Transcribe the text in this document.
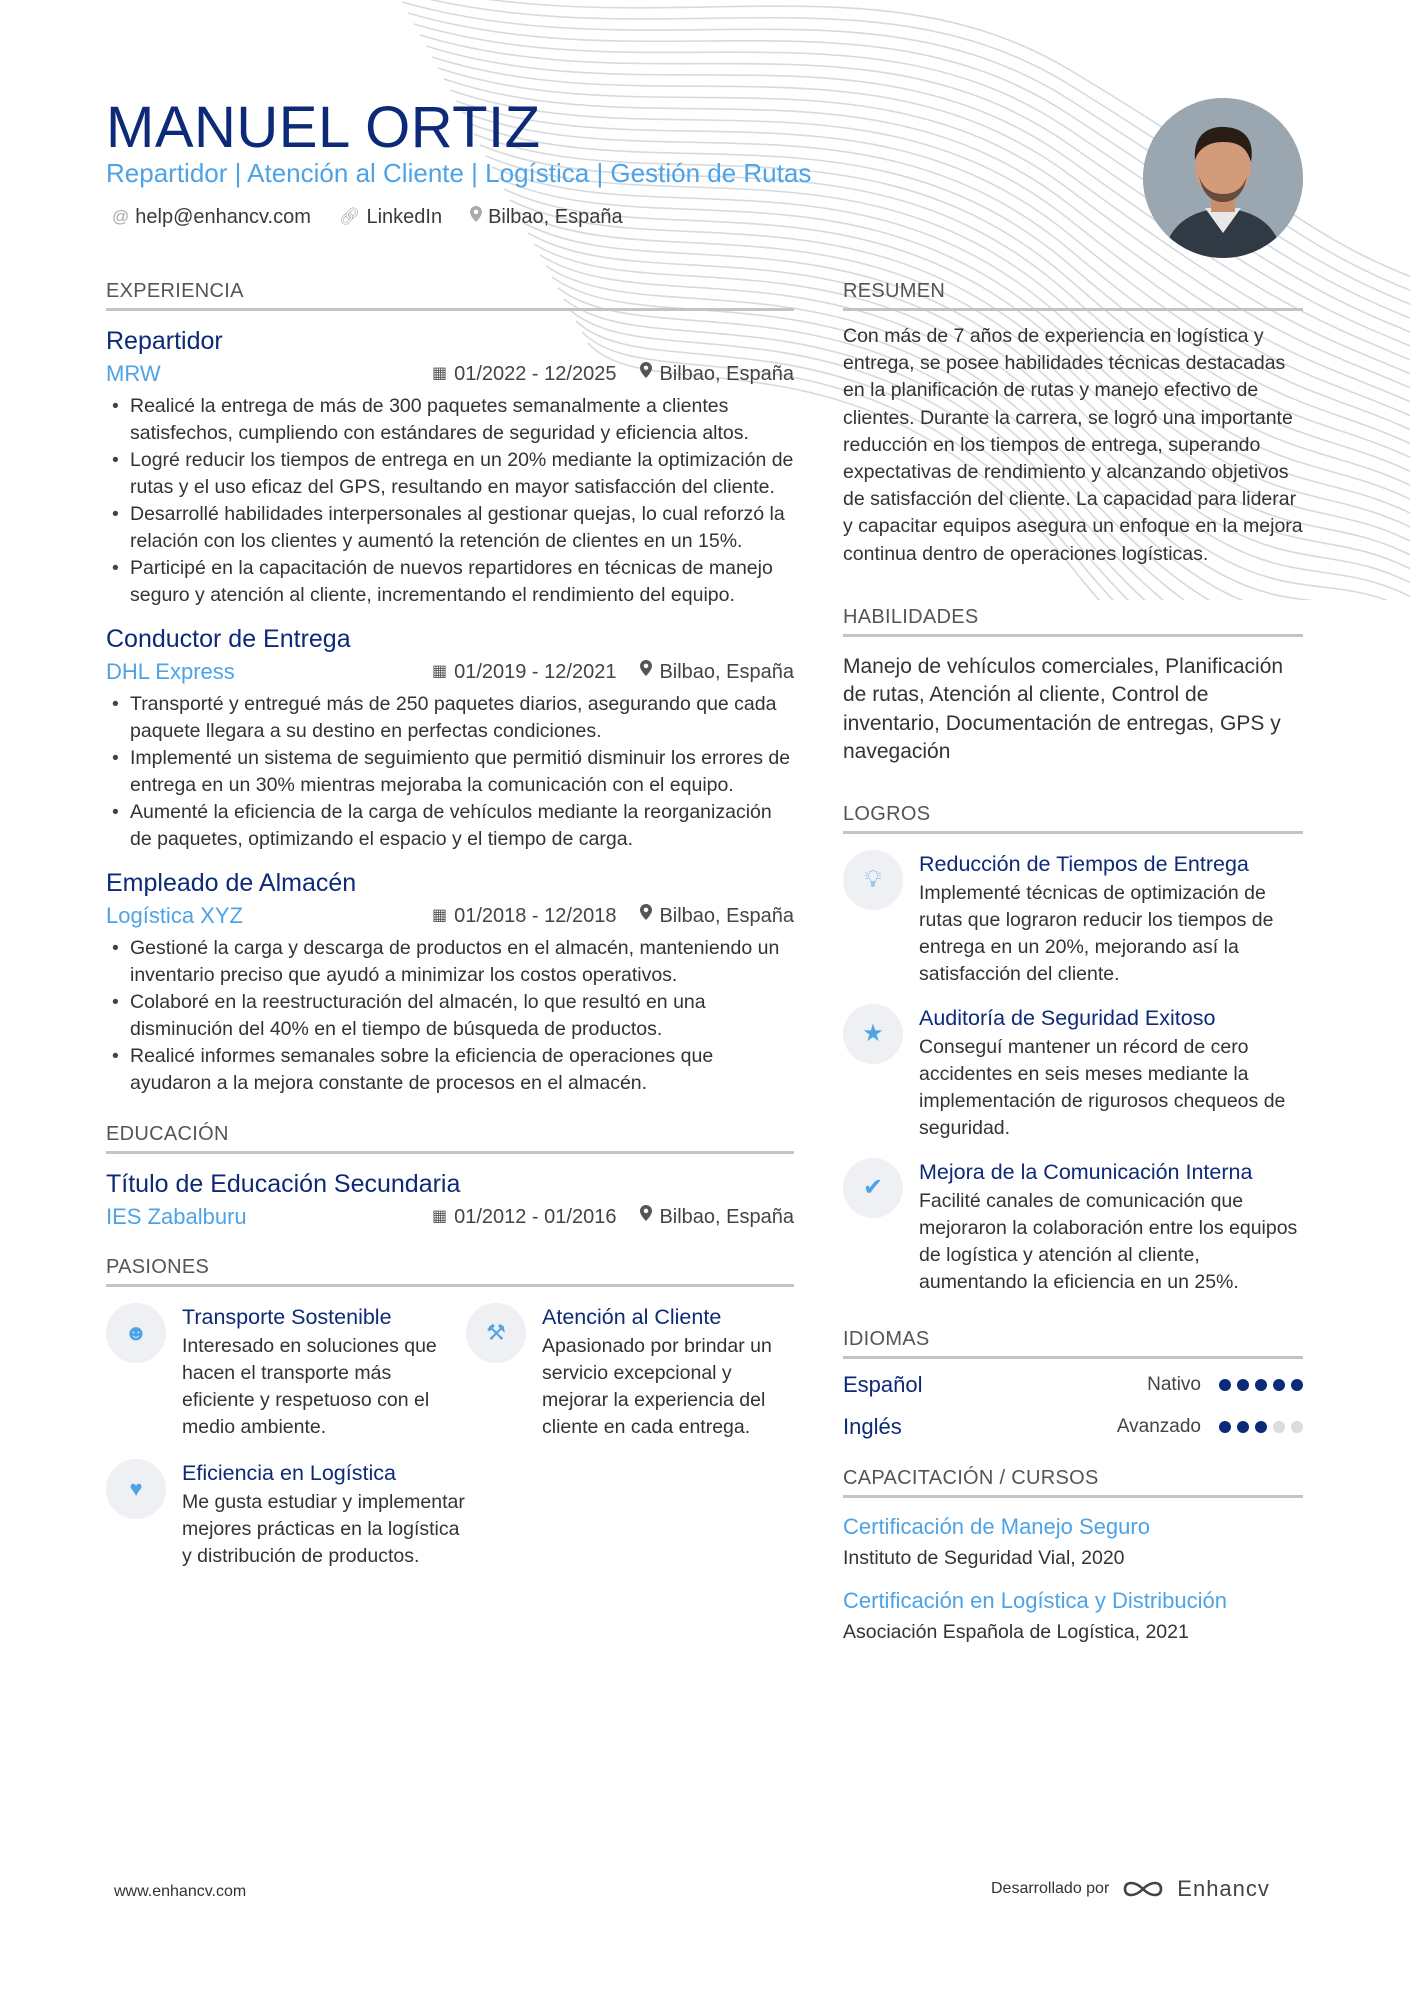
MANUEL ORTIZ
Repartidor | Atención al Cliente | Logística | Gestión de Rutas
@ help@enhancv.com 🔗︎ LinkedIn Bilbao, España
EXPERIENCIA
Repartidor
MRW	▦ 01/2022 - 12/2025 Bilbao, España
• Realicé la entrega de más de 300 paquetes semanalmente a clientes satisfechos, cumpliendo con estándares de seguridad y eficiencia altos.
• Logré reducir los tiempos de entrega en un 20% mediante la optimización de rutas y el uso eficaz del GPS, resultando en mayor satisfacción del cliente.
• Desarrollé habilidades interpersonales al gestionar quejas, lo cual reforzó la relación con los clientes y aumentó la retención de clientes en un 15%.
• Participé en la capacitación de nuevos repartidores en técnicas de manejo seguro y atención al cliente, incrementando el rendimiento del equipo.
Conductor de Entrega
DHL Express	▦ 01/2019 - 12/2021 Bilbao, España
• Transporté y entregué más de 250 paquetes diarios, asegurando que cada paquete llegara a su destino en perfectas condiciones.
• Implementé un sistema de seguimiento que permitió disminuir los errores de entrega en un 30% mientras mejoraba la comunicación con el equipo.
• Aumenté la eficiencia de la carga de vehículos mediante la reorganización de paquetes, optimizando el espacio y el tiempo de carga.
Empleado de Almacén
Logística XYZ	▦ 01/2018 - 12/2018 Bilbao, España
• Gestioné la carga y descarga de productos en el almacén, manteniendo un inventario preciso que ayudó a minimizar los costos operativos.
• Colaboré en la reestructuración del almacén, lo que resultó en una disminución del 40% en el tiempo de búsqueda de productos.
• Realicé informes semanales sobre la eficiencia de operaciones que ayudaron a la mejora constante de procesos en el almacén.
EDUCACIÓN
Título de Educación Secundaria
IES Zabalburu	▦ 01/2012 - 01/2016 Bilbao, España
PASIONES
☻
Transporte Sostenible
Interesado en soluciones que hacen el transporte más eficiente y respetuoso con el medio ambiente.
⚒
Atención al Cliente
Apasionado por brindar un servicio excepcional y mejorar la experiencia del cliente en cada entrega.
♥
Eficiencia en Logística
Me gusta estudiar y implementar mejores prácticas en la logística y distribución de productos.
RESUMEN
Con más de 7 años de experiencia en logística y entrega, se posee habilidades técnicas destacadas en la planificación de rutas y manejo efectivo de clientes. Durante la carrera, se logró una importante reducción en los tiempos de entrega, superando expectativas de rendimiento y alcanzando objetivos de satisfacción del cliente. La capacidad para liderar y capacitar equipos asegura un enfoque en la mejora continua dentro de operaciones logísticas.
HABILIDADES
Manejo de vehículos comerciales, Planificación de rutas, Atención al cliente, Control de inventario, Documentación de entregas, GPS y navegación
LOGROS
💡︎
Reducción de Tiempos de Entrega
Implementé técnicas de optimización de rutas que lograron reducir los tiempos de entrega en un 20%, mejorando así la satisfacción del cliente.
★
Auditoría de Seguridad Exitoso
Conseguí mantener un récord de cero accidentes en seis meses mediante la implementación de rigurosos chequeos de seguridad.
✔
Mejora de la Comunicación Interna
Facilité canales de comunicación que mejoraron la colaboración entre los equipos de logística y atención al cliente, aumentando la eficiencia en un 25%.
IDIOMAS
Español	Nativo
Inglés	Avanzado
CAPACITACIÓN / CURSOS
Certificación de Manejo Seguro
Instituto de Seguridad Vial, 2020
Certificación en Logística y Distribución
Asociación Española de Logística, 2021
www.enhancv.com	Desarrollado por	Enhancv
